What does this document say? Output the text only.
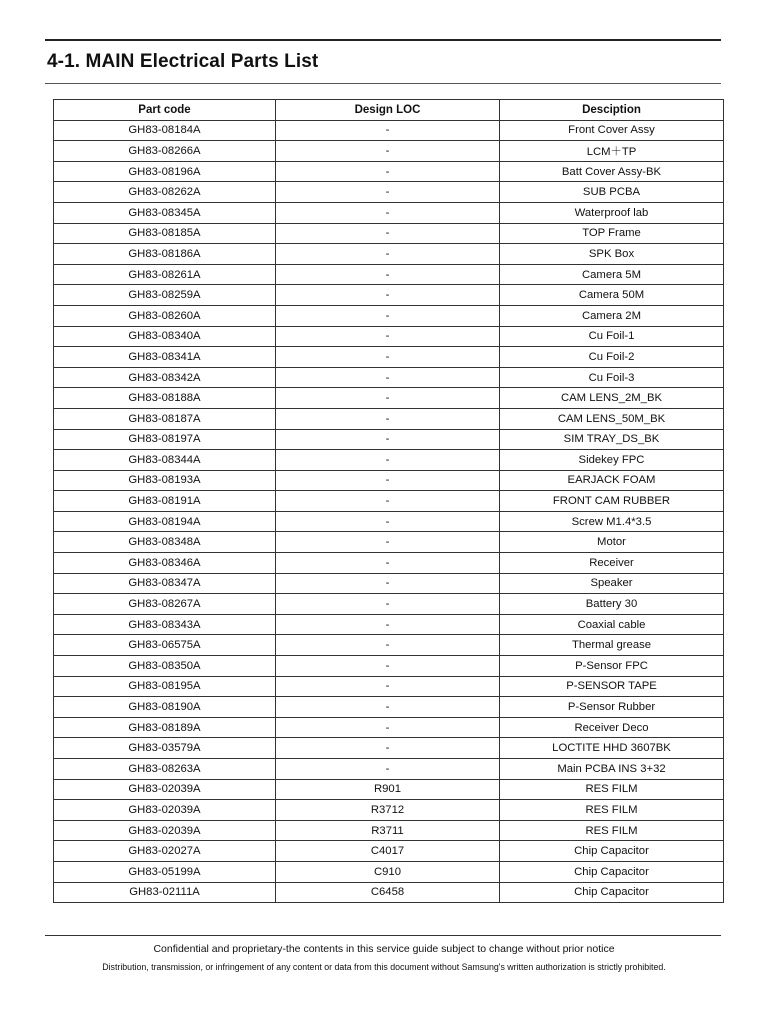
4-1. MAIN Electrical Parts List
Part code	Design LOC	Desciption
GH83-08184A	-	Front Cover Assy
GH83-08266A	-	LCM＋TP
GH83-08196A	-	Batt Cover Assy-BK
GH83-08262A	-	SUB PCBA
GH83-08345A	-	Waterproof lab
GH83-08185A	-	TOP Frame
GH83-08186A	-	SPK Box
GH83-08261A	-	Camera 5M
GH83-08259A	-	Camera 50M
GH83-08260A	-	Camera 2M
GH83-08340A	-	Cu Foil-1
GH83-08341A	-	Cu Foil-2
GH83-08342A	-	Cu Foil-3
GH83-08188A	-	CAM LENS_2M_BK
GH83-08187A	-	CAM LENS_50M_BK
GH83-08197A	-	SIM TRAY_DS_BK
GH83-08344A	-	Sidekey FPC
GH83-08193A	-	EARJACK FOAM
GH83-08191A	-	FRONT CAM RUBBER
GH83-08194A	-	Screw M1.4*3.5
GH83-08348A	-	Motor
GH83-08346A	-	Receiver
GH83-08347A	-	Speaker
GH83-08267A	-	Battery 30
GH83-08343A	-	Coaxial cable
GH83-06575A	-	Thermal grease
GH83-08350A	-	P-Sensor FPC
GH83-08195A	-	P-SENSOR TAPE
GH83-08190A	-	P-Sensor Rubber
GH83-08189A	-	Receiver Deco
GH83-03579A	-	LOCTITE HHD 3607BK
GH83-08263A	-	Main PCBA INS 3+32
GH83-02039A	R901	RES FILM
GH83-02039A	R3712	RES FILM
GH83-02039A	R3711	RES FILM
GH83-02027A	C4017	Chip Capacitor
GH83-05199A	C910	Chip Capacitor
GH83-02111A	C6458	Chip Capacitor
Confidential and proprietary-the contents in this service guide subject to change without prior notice
Distribution, transmission, or infringement of any content or data from this document without Samsung's written authorization is strictly prohibited.
